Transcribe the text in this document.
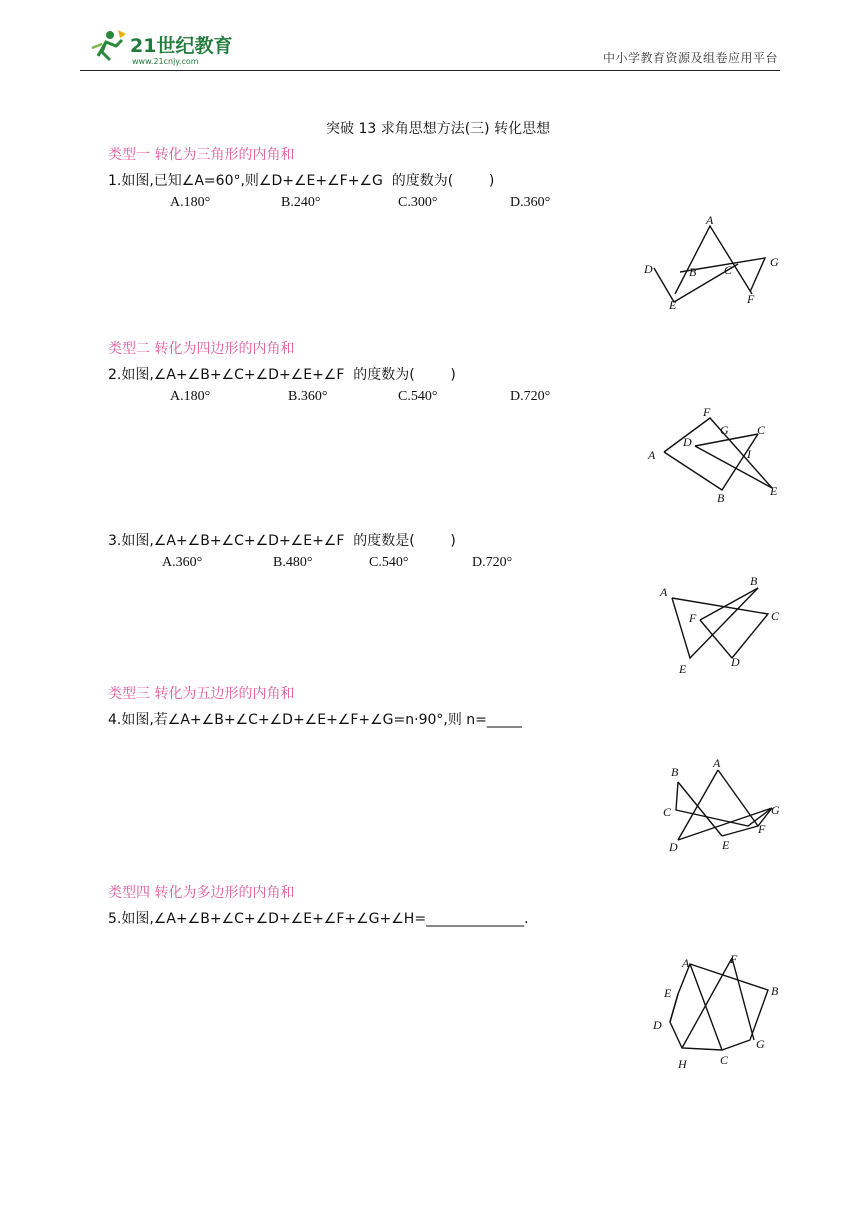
21世纪教育
www.21cnjy.com	中小学教育资源及组卷应用平台
突破 13 求角思想方法(三) 转化思想
类型一 转化为三角形的内角和
1.如图,已知∠A=60°,则∠D+∠E+∠F+∠G  的度数为(        )
A.180°	B.240°	C.300°	D.360°
A
B C
D
E	F
G
类型二 转化为四边形的内角和
2.如图,∠A+∠B+∠C+∠D+∠E+∠F  的度数为(        )
A.180°	B.360°	C.540°	D.720°
F
G C
D
I
A
E
B
3.如图,∠A+∠B+∠C+∠D+∠E+∠F  的度数是(        )
A.360°	B.480°	C.540°	D.720°
A
B
C
F
E	D
类型三 转化为五边形的内角和
4.如图,若∠A+∠B+∠C+∠D+∠E+∠F+∠G=n·90°,则 n=_____
A
B
C
D	E
F
G
类型四 转化为多边形的内角和
5.如图,∠A+∠B+∠C+∠D+∠E+∠F+∠G+∠H=______________.
A	F
B
E
D
G
H	C
